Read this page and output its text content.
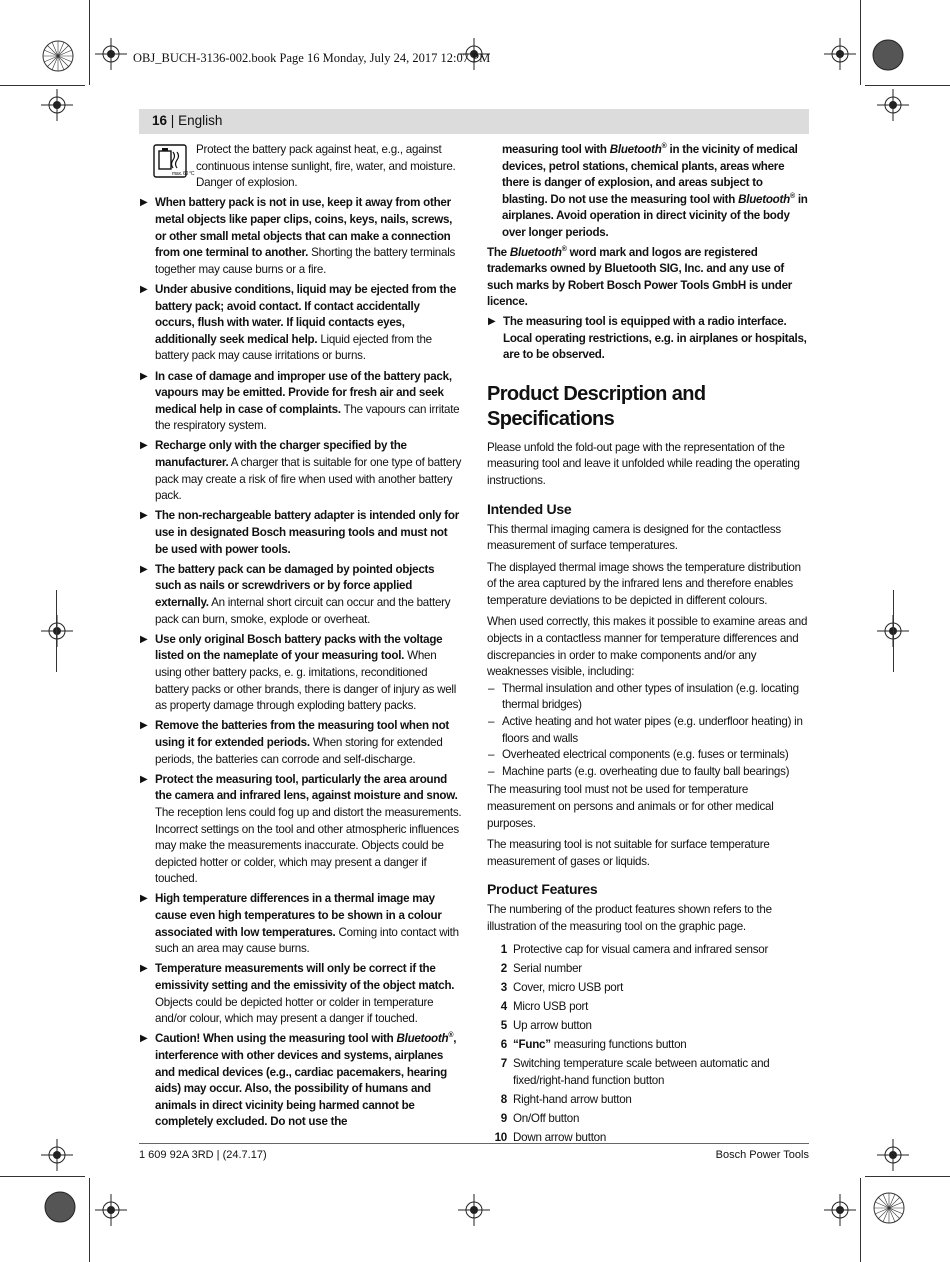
OBJ_BUCH-3136-002.book Page 16 Monday, July 24, 2017 12:07 PM
16 | English
max. 60 °C
Protect the battery pack against heat, e.g., against continuous intense sunlight, fire, water, and moisture. Danger of explosion.
▶ When battery pack is not in use, keep it away from other metal objects like paper clips, coins, keys, nails, screws, or other small metal objects that can make a connection from one terminal to another. Shorting the battery terminals together may cause burns or a fire.
▶ Under abusive conditions, liquid may be ejected from the battery pack; avoid contact. If contact accidentally occurs, flush with water. If liquid contacts eyes, additionally seek medical help. Liquid ejected from the battery pack may cause irritations or burns.
▶ In case of damage and improper use of the battery pack, vapours may be emitted. Provide for fresh air and seek medical help in case of complaints. The vapours can irritate the respiratory system.
▶ Recharge only with the charger specified by the manufacturer. A charger that is suitable for one type of battery pack may create a risk of fire when used with another battery pack.
▶ The non-rechargeable battery adapter is intended only for use in designated Bosch measuring tools and must not be used with power tools.
▶ The battery pack can be damaged by pointed objects such as nails or screwdrivers or by force applied externally. An internal short circuit can occur and the battery pack can burn, smoke, explode or overheat.
▶ Use only original Bosch battery packs with the voltage listed on the nameplate of your measuring tool. When using other battery packs, e. g. imitations, reconditioned battery packs or other brands, there is danger of injury as well as property damage through exploding battery packs.
▶ Remove the batteries from the measuring tool when not using it for extended periods. When storing for extended periods, the batteries can corrode and self-discharge.
▶ Protect the measuring tool, particularly the area around the camera and infrared lens, against moisture and snow. The reception lens could fog up and distort the measurements. Incorrect settings on the tool and other atmospheric influences may make the measurements inaccurate. Objects could be depicted hotter or colder, which may present a danger if touched.
▶ High temperature differences in a thermal image may cause even high temperatures to be shown in a colour associated with low temperatures. Coming into contact with such an area may cause burns.
▶ Temperature measurements will only be correct if the emissivity setting and the emissivity of the object match. Objects could be depicted hotter or colder in temperature and/or colour, which may present a danger if touched.
▶ Caution! When using the measuring tool with Bluetooth®, interference with other devices and systems, airplanes and medical devices (e.g., cardiac pacemakers, hearing aids) may occur. Also, the possibility of humans and animals in direct vicinity being harmed cannot be completely excluded. Do not use the
measuring tool with Bluetooth® in the vicinity of medical devices, petrol stations, chemical plants, areas where there is danger of explosion, and areas subject to blasting. Do not use the measuring tool with Bluetooth® in airplanes. Avoid operation in direct vicinity of the body over longer periods.
The Bluetooth® word mark and logos are registered trademarks owned by Bluetooth SIG, Inc. and any use of such marks by Robert Bosch Power Tools GmbH is under licence.
▶ The measuring tool is equipped with a radio interface. Local operating restrictions, e.g. in airplanes or hospitals, are to be observed.
Product Description and Specifications
Please unfold the fold-out page with the representation of the measuring tool and leave it unfolded while reading the operating instructions.
Intended Use
This thermal imaging camera is designed for the contactless measurement of surface temperatures.
The displayed thermal image shows the temperature distribution of the area captured by the infrared lens and therefore enables temperature deviations to be depicted in different colours.
When used correctly, this makes it possible to examine areas and objects in a contactless manner for temperature differences and discrepancies in order to make components and/or any weaknesses visible, including:
– Thermal insulation and other types of insulation (e.g. locating thermal bridges)
– Active heating and hot water pipes (e.g. underfloor heating) in floors and walls
– Overheated electrical components (e.g. fuses or terminals)
– Machine parts (e.g. overheating due to faulty ball bearings)
The measuring tool must not be used for temperature measurement on persons and animals or for other medical purposes.
The measuring tool is not suitable for surface temperature measurement of gases or liquids.
Product Features
The numbering of the product features shown refers to the illustration of the measuring tool on the graphic page.
1 Protective cap for visual camera and infrared sensor
2 Serial number
3 Cover, micro USB port
4 Micro USB port
5 Up arrow button
6 “Func” measuring functions button
7 Switching temperature scale between automatic and fixed/right-hand function button
8 Right-hand arrow button
9 On/Off button
10 Down arrow button
1 609 92A 3RD | (24.7.17)	Bosch Power Tools
